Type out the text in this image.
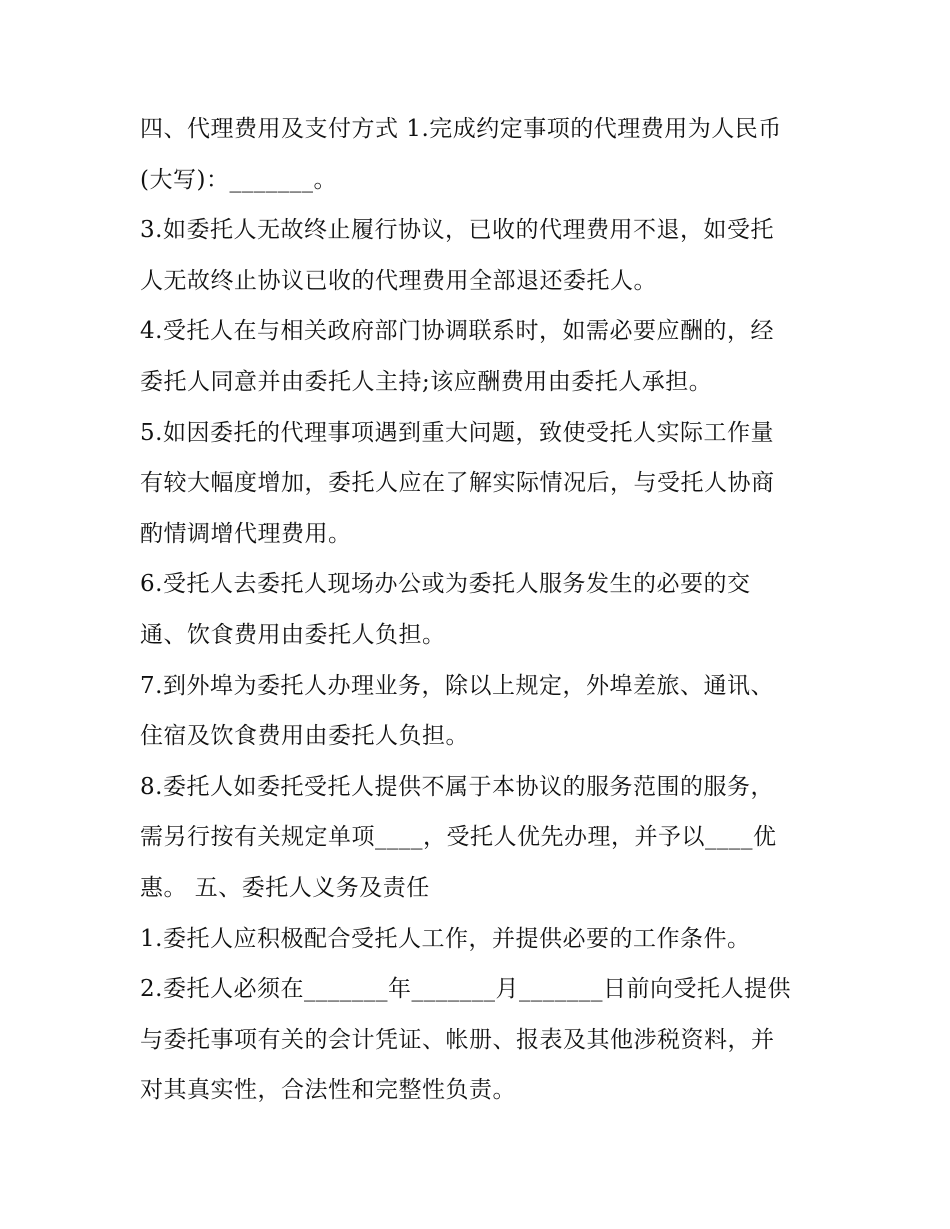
四、代理费用及支付方式 1.完成约定事项的代理费用为人民币
(大写)：_______。
3.如委托人无故终止履行协议，已收的代理费用不退，如受托
人无故终止协议已收的代理费用全部退还委托人。
4.受托人在与相关政府部门协调联系时，如需必要应酬的，经
委托人同意并由委托人主持;该应酬费用由委托人承担。
5.如因委托的代理事项遇到重大问题，致使受托人实际工作量
有较大幅度增加，委托人应在了解实际情况后，与受托人协商
酌情调增代理费用。
6.受托人去委托人现场办公或为委托人服务发生的必要的交
通、饮食费用由委托人负担。
7.到外埠为委托人办理业务，除以上规定，外埠差旅、通讯、
住宿及饮食费用由委托人负担。
8.委托人如委托受托人提供不属于本协议的服务范围的服务，
需另行按有关规定单项____，受托人优先办理，并予以____优
惠。 五、委托人义务及责任
1.委托人应积极配合受托人工作，并提供必要的工作条件。
2.委托人必须在_______年_______月_______日前向受托人提供
与委托事项有关的会计凭证、帐册、报表及其他涉税资料，并
对其真实性，合法性和完整性负责。
